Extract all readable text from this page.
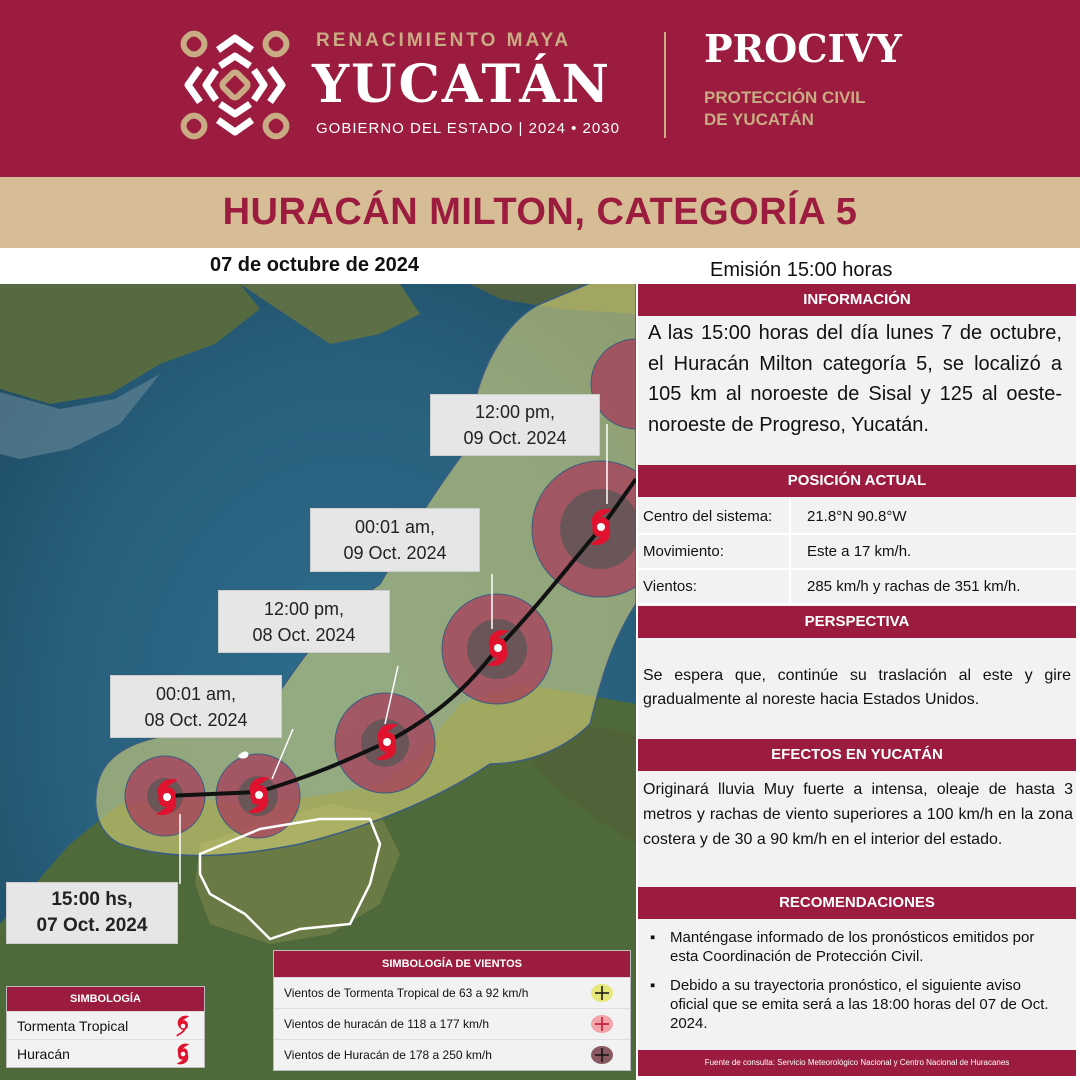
RENACIMIENTO MAYA
YUCATÁN
GOBIERNO DEL ESTADO | 2024 • 2030
PROCIVY
PROTECCIÓN CIVIL
DE YUCATÁN
HURACÁN MILTON, CATEGORÍA 5
07 de octubre de 2024	Emisión 15:00 horas
12:00 pm,
09 Oct. 2024
00:01 am,
09 Oct. 2024
12:00 pm,
08 Oct. 2024
00:01 am,
08 Oct. 2024
15:00 hs,
07 Oct. 2024
SIMBOLOGÍA DE VIENTOS
Vientos de Tormenta Tropical de 63 a 92 km/h
Vientos de huracán de 118 a 177 km/h
Vientos de Huracán de 178 a 250 km/h
SIMBOLOGÍA
Tormenta Tropical
Huracán
INFORMACIÓN
A las 15:00 horas del día lunes 7 de octubre, el Huracán Milton categoría 5, se localizó a 105 km al noroeste de Sisal y 125 al oeste-noroeste de Progreso, Yucatán.
POSICIÓN ACTUAL
Centro del sistema:	21.8°N 90.8°W
Movimiento:	Este a 17 km/h.
Vientos:	285 km/h y rachas de 351 km/h.
PERSPECTIVA
Se espera que, continúe su traslación al este y gire gradualmente al noreste hacia Estados Unidos.
EFECTOS EN YUCATÁN
Originará lluvia Muy fuerte a intensa, oleaje de hasta 3 metros y rachas de viento superiores a 100 km/h en la zona costera y de 30 a 90 km/h en el interior del estado.
RECOMENDACIONES
▪ Manténgase informado de los pronósticos emitidos por esta Coordinación de Protección Civil.
▪ Debido a su trayectoria pronóstico, el siguiente aviso oficial que se emita será a las 18:00 horas del 07 de Oct. 2024.
Fuente de consulta: Servicio Meteorológico Nacional y Centro Nacional de Huracanes
